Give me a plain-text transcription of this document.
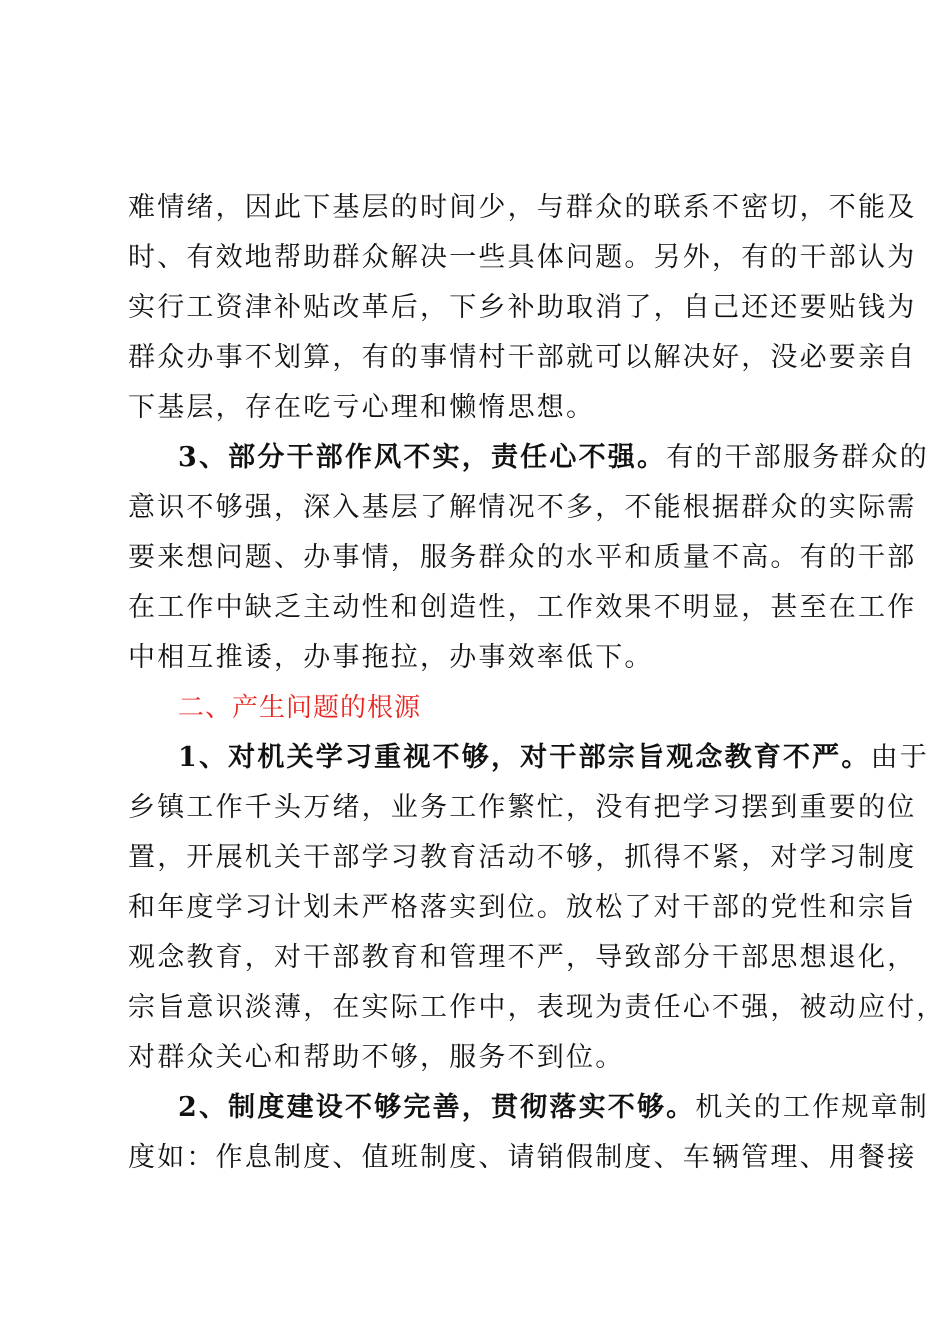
难情绪，因此下基层的时间少，与群众的联系不密切，不能及
时、有效地帮助群众解决一些具体问题。另外，有的干部认为
实行工资津补贴改革后，下乡补助取消了，自己还还要贴钱为
群众办事不划算，有的事情村干部就可以解决好，没必要亲自
下基层，存在吃亏心理和懒惰思想。
3、部分干部作风不实，责任心不强。有的干部服务群众的
意识不够强，深入基层了解情况不多，不能根据群众的实际需
要来想问题、办事情，服务群众的水平和质量不高。有的干部
在工作中缺乏主动性和创造性，工作效果不明显，甚至在工作
中相互推诿，办事拖拉，办事效率低下。
二、产生问题的根源
1、对机关学习重视不够，对干部宗旨观念教育不严。由于
乡镇工作千头万绪，业务工作繁忙，没有把学习摆到重要的位
置，开展机关干部学习教育活动不够，抓得不紧，对学习制度
和年度学习计划未严格落实到位。放松了对干部的党性和宗旨
观念教育，对干部教育和管理不严，导致部分干部思想退化，
宗旨意识淡薄，在实际工作中，表现为责任心不强，被动应付，
对群众关心和帮助不够，服务不到位。
2、制度建设不够完善，贯彻落实不够。机关的工作规章制
度如：作息制度、值班制度、请销假制度、车辆管理、用餐接
